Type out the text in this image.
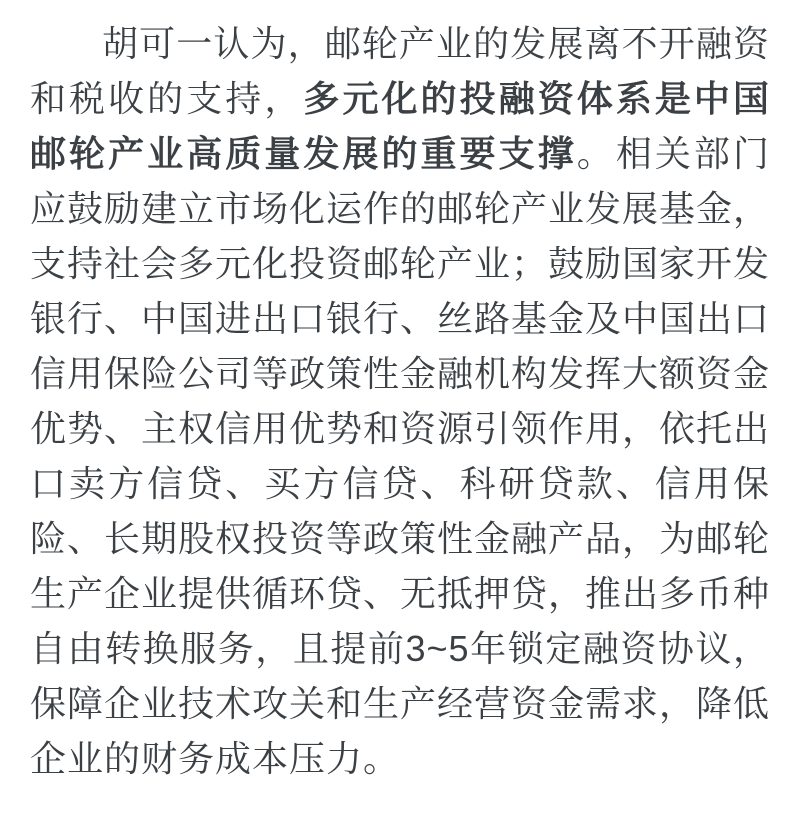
胡可一认为，邮轮产业的发展离不开融资和税收的支持，多元化的投融资体系是中国邮轮产业高质量发展的重要支撑。相关部门应鼓励建立市场化运作的邮轮产业发展基金，支持社会多元化投资邮轮产业；鼓励国家开发银行、中国进出口银行、丝路基金及中国出口信用保险公司等政策性金融机构发挥大额资金优势、主权信用优势和资源引领作用，依托出口卖方信贷、买方信贷、科研贷款、信用保险、长期股权投资等政策性金融产品，为邮轮生产企业提供循环贷、无抵押贷，推出多币种自由转换服务，且提前3~5年锁定融资协议，保障企业技术攻关和生产经营资金需求，降低企业的财务成本压力。
